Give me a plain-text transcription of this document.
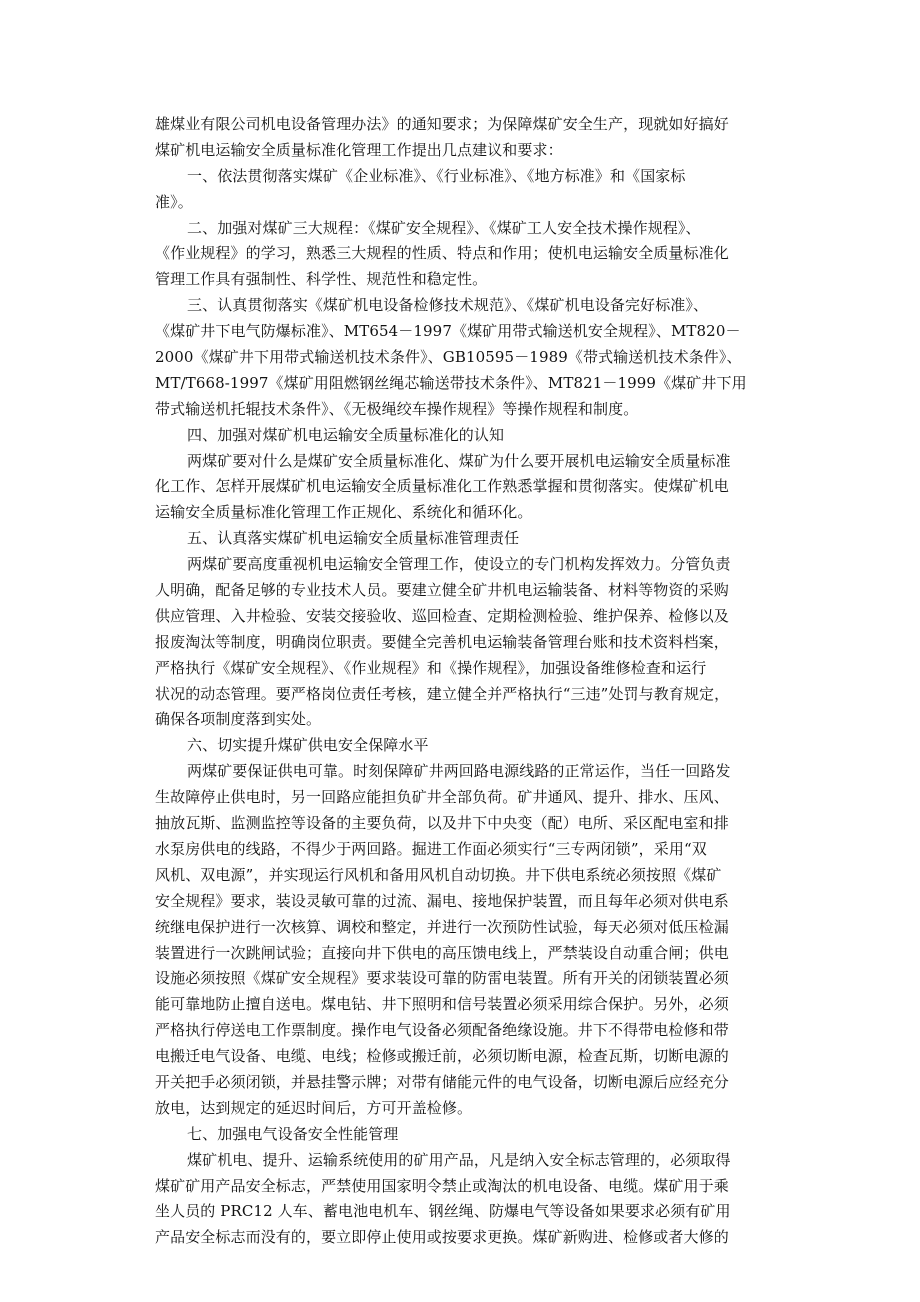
雄煤业有限公司机电设备管理办法》的通知要求；为保障煤矿安全生产，现就如好搞好
煤矿机电运输安全质量标准化管理工作提出几点建议和要求：
一、依法贯彻落实煤矿《企业标准》、《行业标准》、《地方标准》和《国家标
准》。
二、加强对煤矿三大规程：《煤矿安全规程》、《煤矿工人安全技术操作规程》、
《作业规程》的学习，熟悉三大规程的性质、特点和作用；使机电运输安全质量标准化
管理工作具有强制性、科学性、规范性和稳定性。
三、认真贯彻落实《煤矿机电设备检修技术规范》、《煤矿机电设备完好标准》、
《煤矿井下电气防爆标准》、MT654－1997《煤矿用带式输送机安全规程》、MT820－
2000《煤矿井下用带式输送机技术条件》、GB10595－1989《带式输送机技术条件》、
MT/T668-1997《煤矿用阻燃钢丝绳芯输送带技术条件》、MT821－1999《煤矿井下用
带式输送机托辊技术条件》、《无极绳绞车操作规程》等操作规程和制度。
四、加强对煤矿机电运输安全质量标准化的认知
两煤矿要对什么是煤矿安全质量标准化、煤矿为什么要开展机电运输安全质量标准
化工作、怎样开展煤矿机电运输安全质量标准化工作熟悉掌握和贯彻落实。使煤矿机电
运输安全质量标准化管理工作正规化、系统化和循环化。
五、认真落实煤矿机电运输安全质量标准管理责任
两煤矿要高度重视机电运输安全管理工作，使设立的专门机构发挥效力。分管负责
人明确，配备足够的专业技术人员。要建立健全矿井机电运输装备、材料等物资的采购
供应管理、入井检验、安装交接验收、巡回检查、定期检测检验、维护保养、检修以及
报废淘汰等制度，明确岗位职责。要健全完善机电运输装备管理台账和技术资料档案，
严格执行《煤矿安全规程》、《作业规程》和《操作规程》，加强设备维修检查和运行
状况的动态管理。要严格岗位责任考核，建立健全并严格执行“三违”处罚与教育规定，
确保各项制度落到实处。
六、切实提升煤矿供电安全保障水平
两煤矿要保证供电可靠。时刻保障矿井两回路电源线路的正常运作，当任一回路发
生故障停止供电时，另一回路应能担负矿井全部负荷。矿井通风、提升、排水、压风、
抽放瓦斯、监测监控等设备的主要负荷，以及井下中央变（配）电所、采区配电室和排
水泵房供电的线路，不得少于两回路。掘进工作面必须实行“三专两闭锁”，采用“双
风机、双电源”，并实现运行风机和备用风机自动切换。井下供电系统必须按照《煤矿
安全规程》要求，装设灵敏可靠的过流、漏电、接地保护装置，而且每年必须对供电系
统继电保护进行一次核算、调校和整定，并进行一次预防性试验，每天必须对低压检漏
装置进行一次跳闸试验；直接向井下供电的高压馈电线上，严禁装设自动重合闸；供电
设施必须按照《煤矿安全规程》要求装设可靠的防雷电装置。所有开关的闭锁装置必须
能可靠地防止擅自送电。煤电钻、井下照明和信号装置必须采用综合保护。另外，必须
严格执行停送电工作票制度。操作电气设备必须配备绝缘设施。井下不得带电检修和带
电搬迁电气设备、电缆、电线；检修或搬迁前，必须切断电源，检查瓦斯，切断电源的
开关把手必须闭锁，并悬挂警示牌；对带有储能元件的电气设备，切断电源后应经充分
放电，达到规定的延迟时间后，方可开盖检修。
七、加强电气设备安全性能管理
煤矿机电、提升、运输系统使用的矿用产品，凡是纳入安全标志管理的，必须取得
煤矿矿用产品安全标志，严禁使用国家明令禁止或淘汰的机电设备、电缆。煤矿用于乘
坐人员的 PRC12 人车、蓄电池电机车、钢丝绳、防爆电气等设备如果要求必须有矿用
产品安全标志而没有的，要立即停止使用或按要求更换。煤矿新购进、检修或者大修的
